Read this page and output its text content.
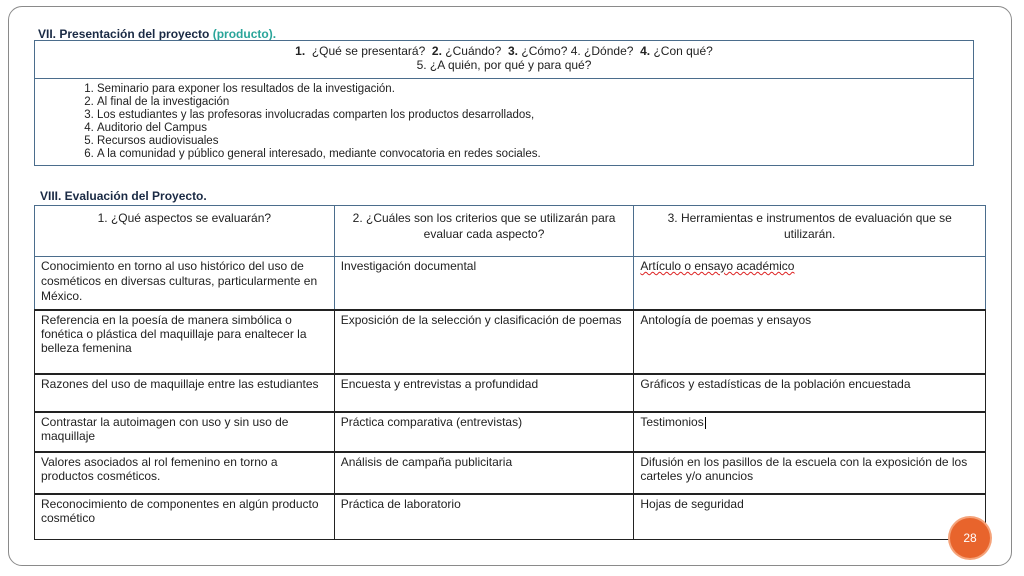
VII. Presentación del proyecto (producto).
1. ¿Qué se presentará? 2. ¿Cuándo? 3. ¿Cómo? 4. ¿Dónde? 4. ¿Con qué?
5. ¿A quién, por qué y para qué?

1. Seminario para exponer los resultados de la investigación.
2. Al final de la investigación
3. Los estudiantes y las profesoras involucradas comparten los productos desarrollados,
4. Auditorio del Campus
5. Recursos audiovisuales
6. A la comunidad y público general interesado, mediante convocatoria en redes sociales.
VIII. Evaluación del Proyecto.
1. ¿Qué aspectos se evaluarán?	2. ¿Cuáles son los criterios que se utilizarán para evaluar cada aspecto?	3. Herramientas e instrumentos de evaluación que se utilizarán.
Conocimiento en torno al uso histórico del uso de cosméticos en diversas culturas, particularmente en México.	Investigación documental	Artículo o ensayo académico
Referencia en la poesía de manera simbólica o fonética o plástica del maquillaje para enaltecer la belleza femenina	Exposición de la selección y clasificación de poemas	Antología de poemas y ensayos
Razones del uso de maquillaje entre las estudiantes	Encuesta y entrevistas a profundidad	Gráficos y estadísticas de la población encuestada
Contrastar la autoimagen con uso y sin uso de maquillaje	Práctica comparativa (entrevistas)	Testimonios
Valores asociados al rol femenino en torno a productos cosméticos.	Análisis de campaña publicitaria	Difusión en los pasillos de la escuela con la exposición de los carteles y/o anuncios
Reconocimiento de componentes en algún producto cosmético	Práctica de laboratorio	Hojas de seguridad
28
